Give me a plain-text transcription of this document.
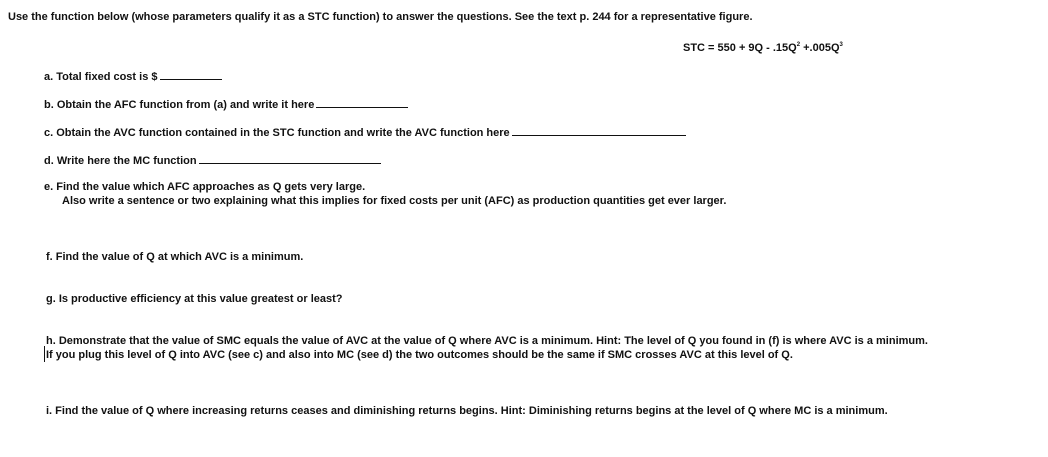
Use the function below (whose parameters qualify it as a STC function) to answer the questions. See the text p. 244 for a representative figure.
STC = $550 + 9Q - .15Q^2 +.005Q^3$
a. Total fixed cost is $
b. Obtain the AFC function from (a) and write it here
c. Obtain the AVC function contained in the STC function and write the AVC function here
d. Write here the MC function
e. Find the value which AFC approaches as Q gets very large.
Also write a sentence or two explaining what this implies for fixed costs per unit (AFC) as production quantities get ever larger.
f. Find the value of Q at which AVC is a minimum.
g. Is productive efficiency at this value greatest or least?
h. Demonstrate that the value of SMC equals the value of AVC at the value of Q where AVC is a minimum. Hint: The level of Q you found in (f) is where AVC is a minimum.
If you plug this level of Q into AVC (see c) and also into MC (see d) the two outcomes should be the same if SMC crosses AVC at this level of Q.
i. Find the value of Q where increasing returns ceases and diminishing returns begins. Hint: Diminishing returns begins at the level of Q where MC is a minimum.
